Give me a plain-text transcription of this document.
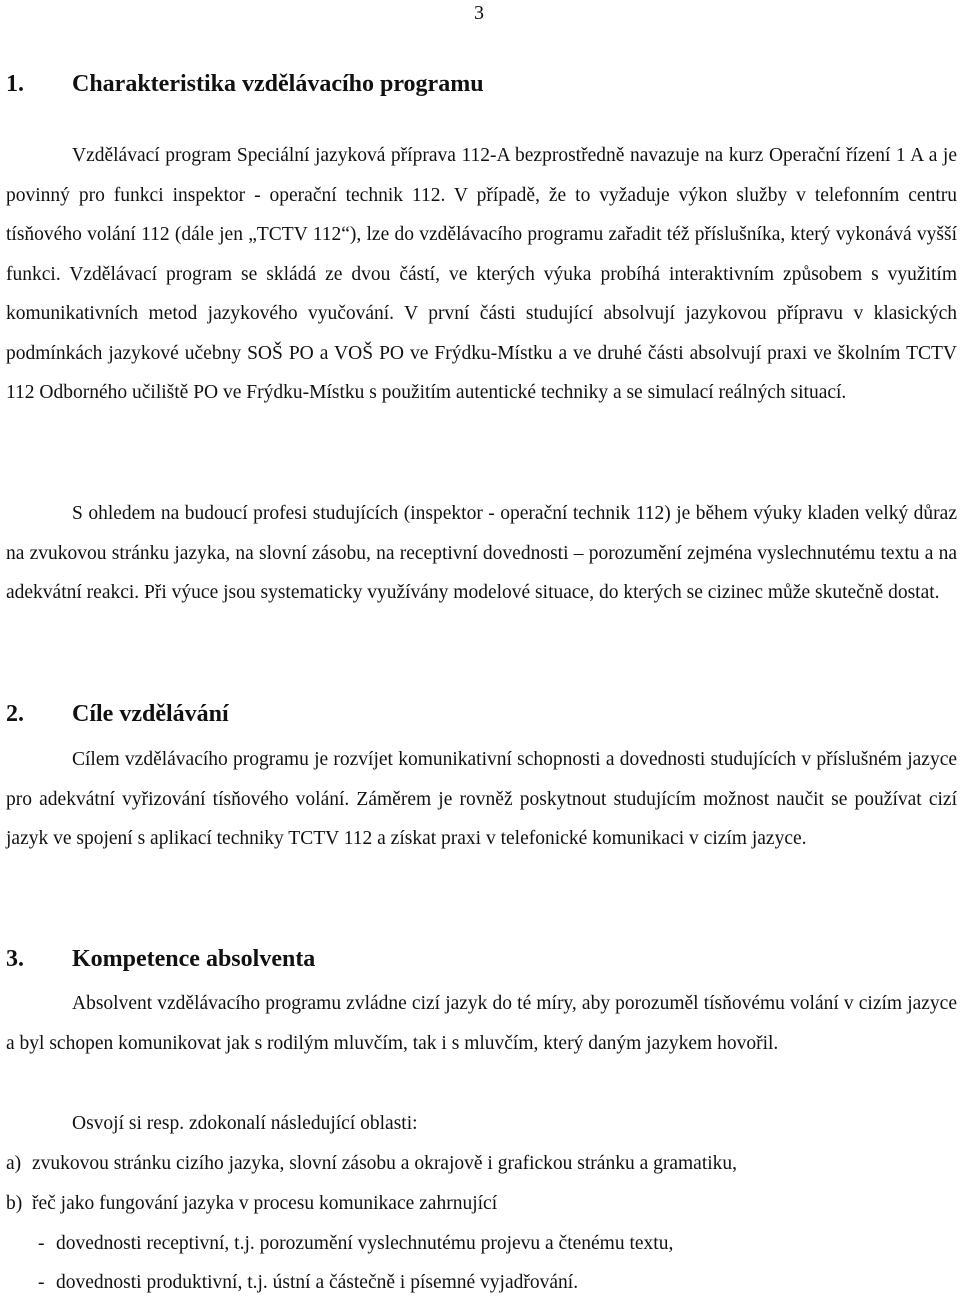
3
1.	Charakteristika vzdělávacího programu

Vzdělávací program Speciální jazyková příprava 112-A bezprostředně navazuje na kurz Operační řízení 1 A a je povinný pro funkci inspektor - operační technik 112. V případě, že to vyžaduje výkon služby v telefonním centru tísňového volání 112 (dále jen „TCTV 112“), lze do vzdělávacího programu zařadit též příslušníka, který vykonává vyšší funkci. Vzdělávací program se skládá ze dvou částí, ve kterých výuka probíhá interaktivním způsobem s využitím komunikativních metod jazykového vyučování. V první části studující absolvují jazykovou přípravu v klasických podmínkách jazykové učebny SOŠ PO a VOŠ PO ve Frýdku-Místku a ve druhé části absolvují praxi ve školním TCTV 112 Odborného učiliště PO ve Frýdku-Místku s použitím autentické techniky a se simulací reálných situací.

S ohledem na budoucí profesi studujících (inspektor - operační technik 112) je během výuky kladen velký důraz na zvukovou stránku jazyka, na slovní zásobu, na receptivní dovednosti – porozumění zejména vyslechnutému textu a na adekvátní reakci. Při výuce jsou systematicky využívány modelové situace, do kterých se cizinec může skutečně dostat.

2.	Cíle vzdělávání

Cílem vzdělávacího programu je rozvíjet komunikativní schopnosti a dovednosti studujících v příslušném jazyce pro adekvátní vyřizování tísňového volání. Záměrem je rovněž poskytnout studujícím možnost naučit se používat cizí jazyk ve spojení s aplikací techniky TCTV 112 a získat praxi v telefonické komunikaci v cizím jazyce.

3.	Kompetence absolventa

Absolvent vzdělávacího programu zvládne cizí jazyk do té míry, aby porozuměl tísňovému volání v cizím jazyce a byl schopen komunikovat jak s rodilým mluvčím, tak i s mluvčím, který daným jazykem hovořil.

Osvojí si resp. zdokonalí následující oblasti:
a) zvukovou stránku cizího jazyka, slovní zásobu a okrajově i grafickou stránku a gramatiku,
b) řeč jako fungování jazyka v procesu komunikace zahrnující
- dovednosti receptivní, t.j. porozumění vyslechnutému projevu a čtenému textu,
- dovednosti produktivní, t.j. ústní a částečně i písemné vyjadřování.
